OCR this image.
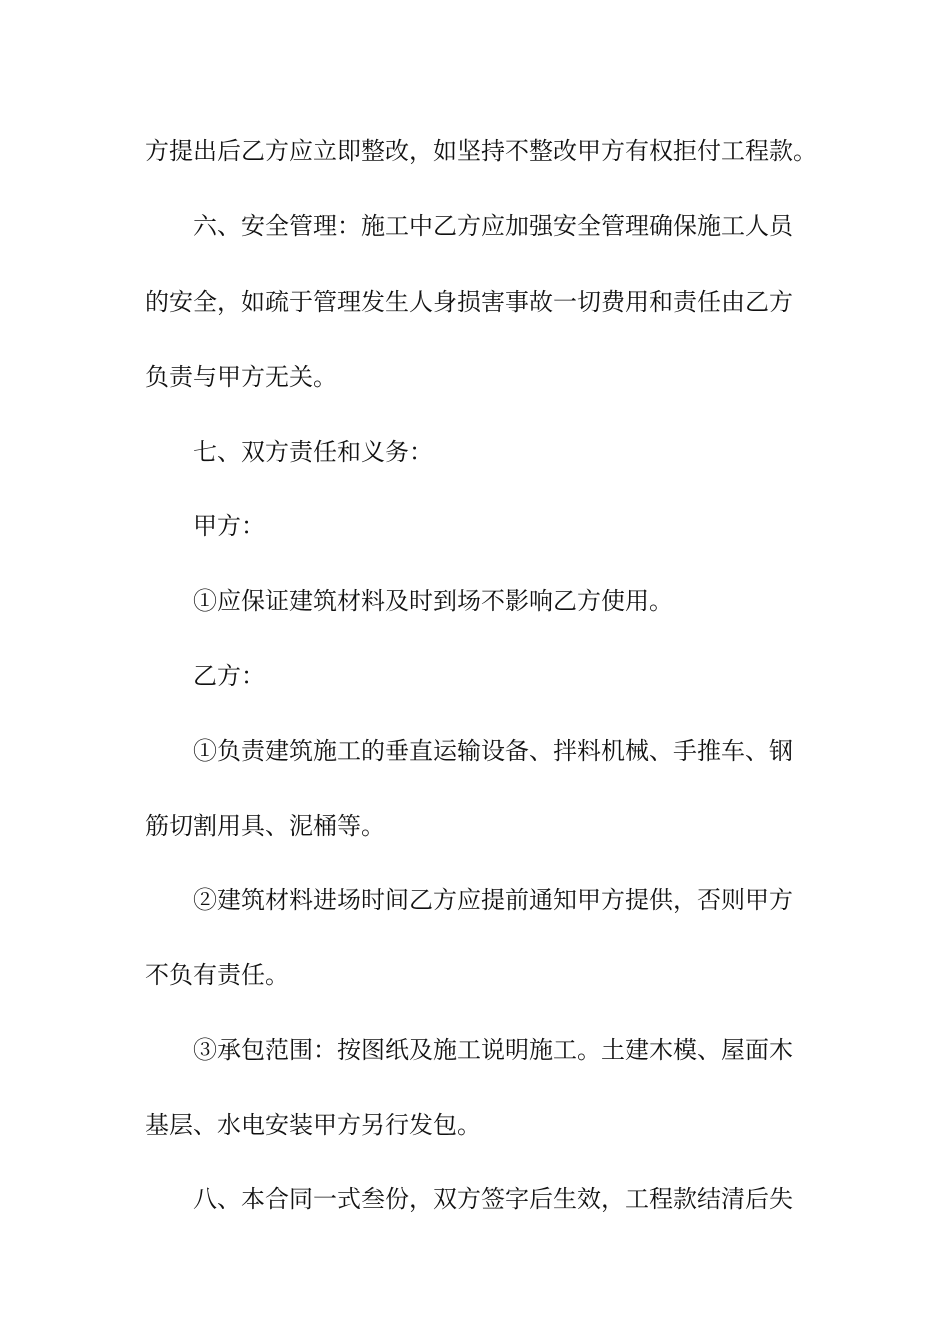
方提出后乙方应立即整改，如坚持不整改甲方有权拒付工程款。
六、安全管理：施工中乙方应加强安全管理确保施工人员
的安全，如疏于管理发生人身损害事故一切费用和责任由乙方
负责与甲方无关。
七、双方责任和义务：
甲方：
①应保证建筑材料及时到场不影响乙方使用。
乙方：
①负责建筑施工的垂直运输设备、拌料机械、手推车、钢
筋切割用具、泥桶等。
②建筑材料进场时间乙方应提前通知甲方提供，否则甲方
不负有责任。
③承包范围：按图纸及施工说明施工。土建木模、屋面木
基层、水电安装甲方另行发包。
八、本合同一式叁份，双方签字后生效，工程款结清后失
